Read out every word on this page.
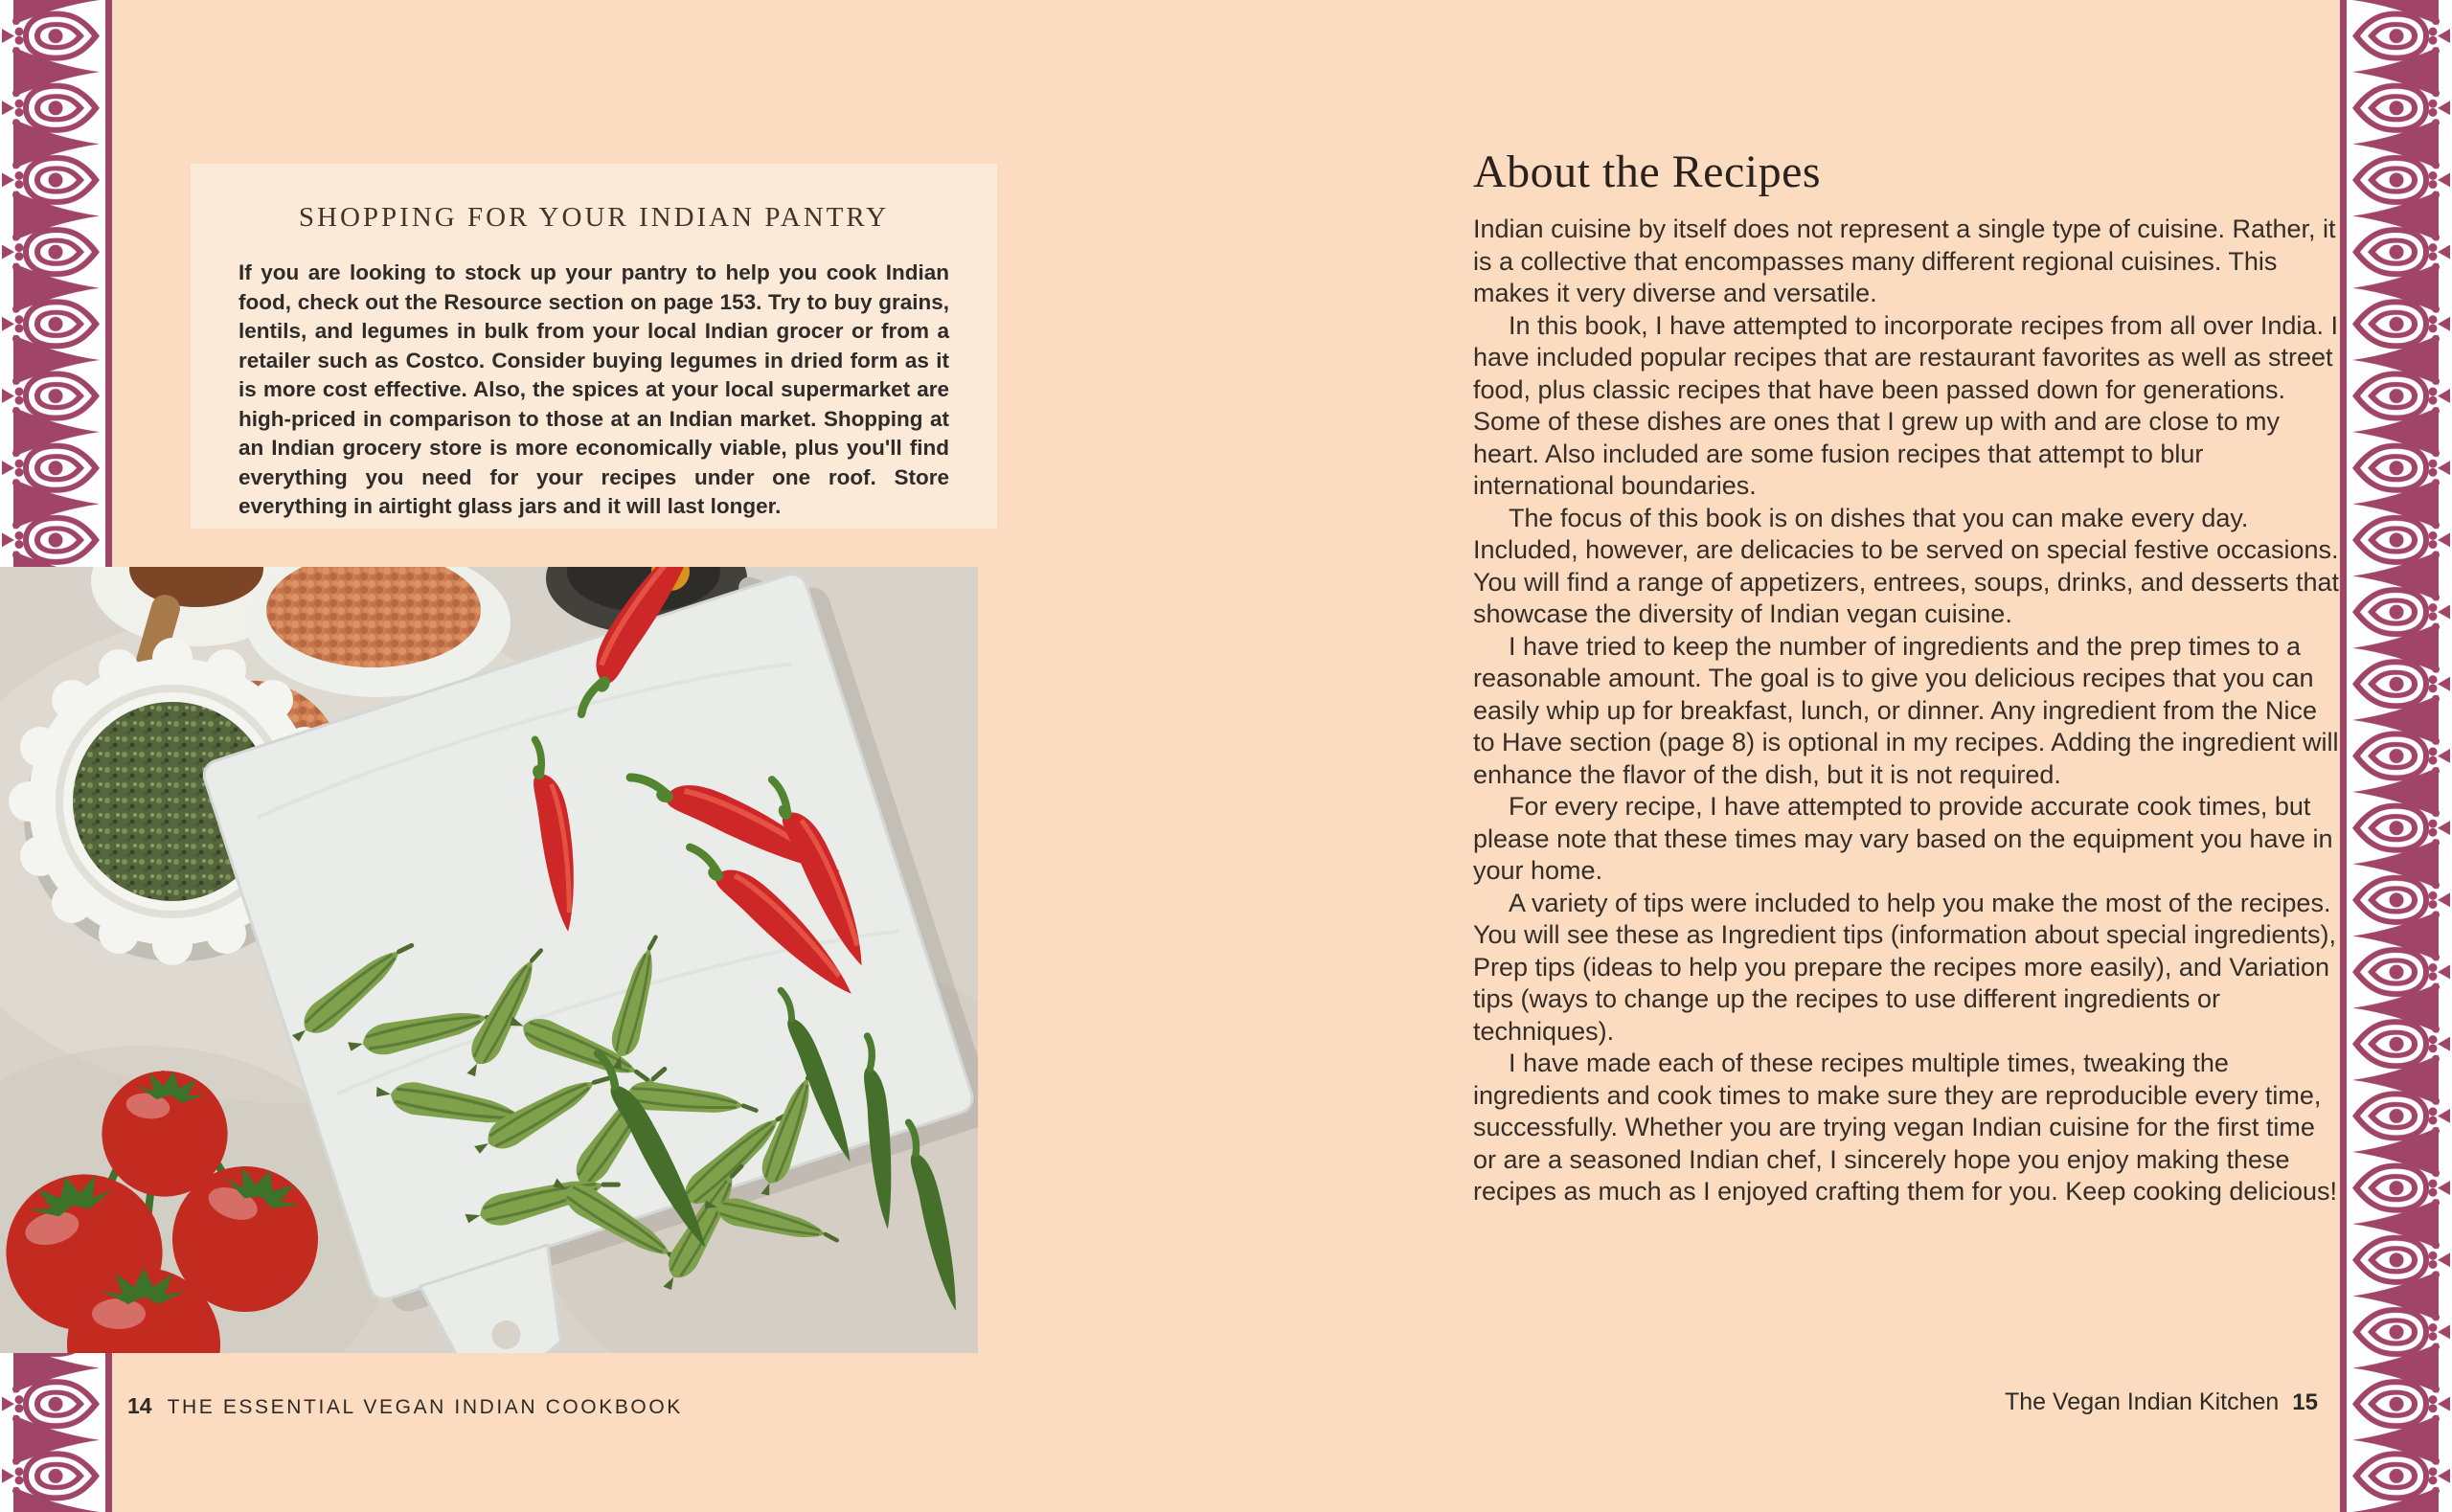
SHOPPING FOR YOUR INDIAN PANTRY

If you are looking to stock up your pantry to help you cook Indian food, check out the Resource section on page 153. Try to buy grains, lentils, and legumes in bulk from your local Indian grocer or from a retailer such as Costco. Consider buying legumes in dried form as it is more cost effective. Also, the spices at your local supermarket are high-priced in comparison to those at an Indian market. Shopping at an Indian grocery store is more economically viable, plus you'll find everything you need for your recipes under one roof. Store everything in airtight glass jars and it will last longer.

About the Recipes

Indian cuisine by itself does not represent a single type of cuisine. Rather, it is a collective that encompasses many different regional cuisines. This makes it very diverse and versatile.

In this book, I have attempted to incorporate recipes from all over India. I have included popular recipes that are restaurant favorites as well as street food, plus classic recipes that have been passed down for generations. Some of these dishes are ones that I grew up with and are close to my heart. Also included are some fusion recipes that attempt to blur international boundaries.

The focus of this book is on dishes that you can make every day. Included, however, are delicacies to be served on special festive occasions. You will find a range of appetizers, entrees, soups, drinks, and desserts that showcase the diversity of Indian vegan cuisine.

I have tried to keep the number of ingredients and the prep times to a reasonable amount. The goal is to give you delicious recipes that you can easily whip up for breakfast, lunch, or dinner. Any ingredient from the Nice to Have section (page 8) is optional in my recipes. Adding the ingredient will enhance the flavor of the dish, but it is not required.

For every recipe, I have attempted to provide accurate cook times, but please note that these times may vary based on the equipment you have in your home.

A variety of tips were included to help you make the most of the recipes. You will see these as Ingredient tips (information about special ingredients), Prep tips (ideas to help you prepare the recipes more easily), and Variation tips (ways to change up the recipes to use different ingredients or techniques).

I have made each of these recipes multiple times, tweaking the ingredients and cook times to make sure they are reproducible every time, successfully. Whether you are trying vegan Indian cuisine for the first time or are a seasoned Indian chef, I sincerely hope you enjoy making these recipes as much as I enjoyed crafting them for you. Keep cooking delicious!

14 THE ESSENTIAL VEGAN INDIAN COOKBOOK	The Vegan Indian Kitchen 15
